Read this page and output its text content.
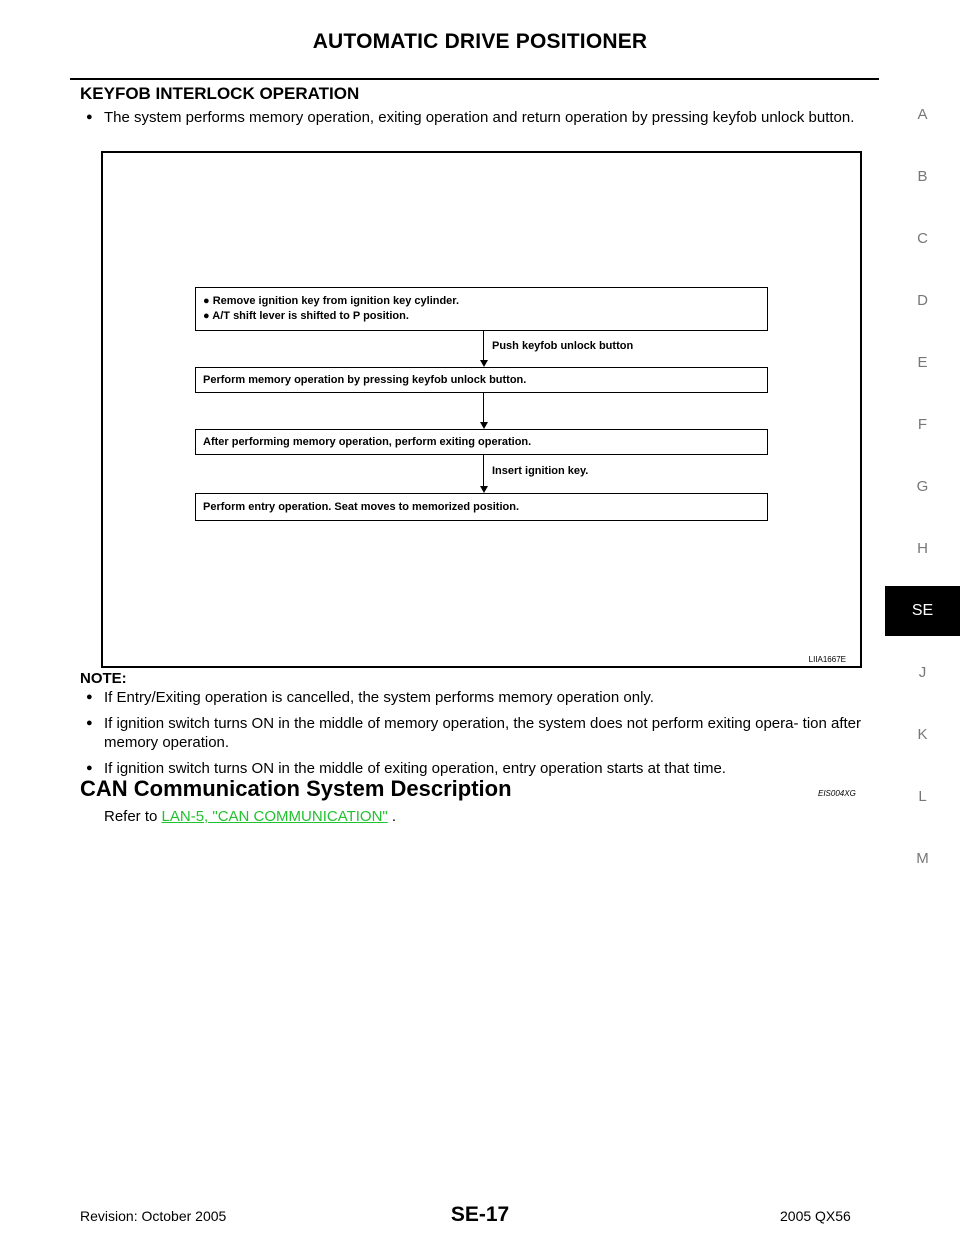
AUTOMATIC DRIVE POSITIONER
A
B
C
D
E
F
G
H
SE
J
K
L
M
KEYFOB INTERLOCK OPERATION
● The system performs memory operation, exiting operation and return operation by pressing keyfob unlock button.
● Remove ignition key from ignition key cylinder.
● A/T shift lever is shifted to P position.
Push keyfob unlock button
Perform memory operation by pressing keyfob unlock button.
After performing memory operation, perform exiting operation.
Insert ignition key.
Perform entry operation. Seat moves to memorized position.
LIIA1667E
NOTE:
● If Entry/Exiting operation is cancelled, the system performs memory operation only.
● If ignition switch turns ON in the middle of memory operation, the system does not perform exiting opera- tion after memory operation.
● If ignition switch turns ON in the middle of exiting operation, entry operation starts at that time.
CAN Communication System Description	EIS004XG
Refer to LAN-5, "CAN COMMUNICATION" .
Revision: October 2005	SE-17	2005 QX56
